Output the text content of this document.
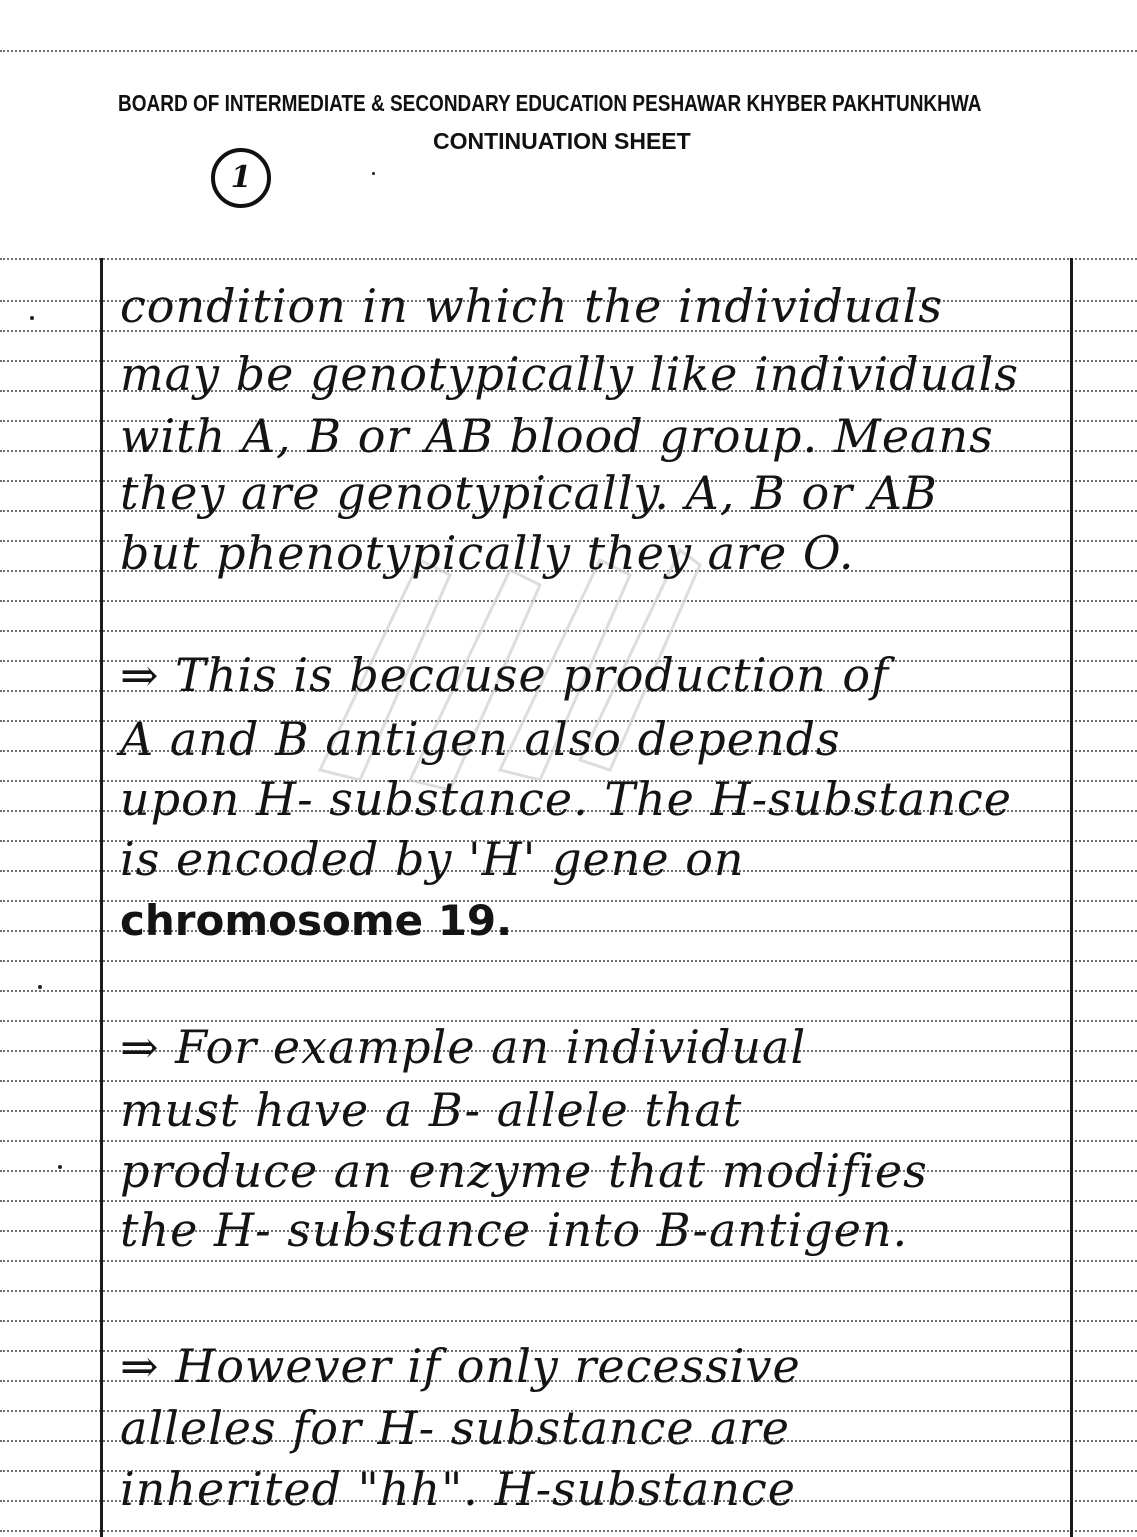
BOARD OF INTERMEDIATE & SECONDARY EDUCATION PESHAWAR KHYBER PAKHTUNKHWA
CONTINUATION SHEET
1
condition in which the individuals
may be genotypically like individuals
with A, B or AB blood group. Means
they are genotypically. A, B or AB
but phenotypically they are O.
⇒ This is because production of
A and B antigen also depends
upon H- substance. The H-substance
is encoded by 'H' gene on
chromosome 19.
⇒ For example an individual
must have a B- allele that
produce an enzyme that modifies
the H- substance into B-antigen.
⇒ However if only recessive
alleles for H- substance are
inherited "hh". H-substance
